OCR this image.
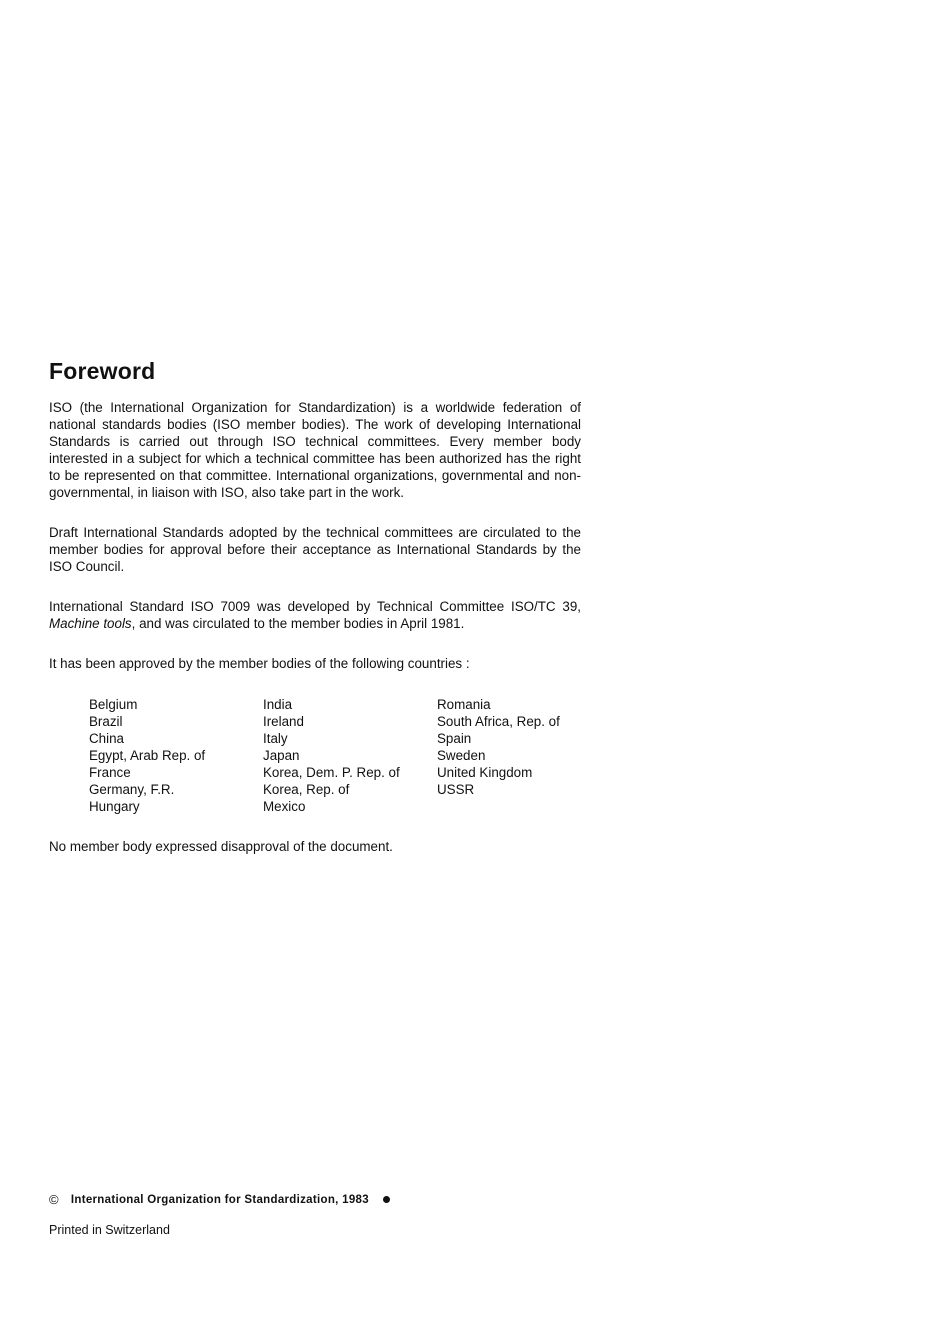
Foreword

ISO (the International Organization for Standardization) is a worldwide federation of national standards bodies (ISO member bodies). The work of developing International Standards is carried out through ISO technical committees. Every member body interested in a subject for which a technical committee has been authorized has the right to be represented on that committee. International organizations, governmental and non-governmental, in liaison with ISO, also take part in the work.

Draft International Standards adopted by the technical committees are circulated to the member bodies for approval before their acceptance as International Standards by the ISO Council.

International Standard ISO 7009 was developed by Technical Committee ISO/TC 39, Machine tools, and was circulated to the member bodies in April 1981.

It has been approved by the member bodies of the following countries :

Belgium
Brazil
China
Egypt, Arab Rep. of
France
Germany, F.R.
Hungary
India
Ireland
Italy
Japan
Korea, Dem. P. Rep. of
Korea, Rep. of
Mexico
Romania
South Africa, Rep. of
Spain
Sweden
United Kingdom
USSR

No member body expressed disapproval of the document.

© International Organization for Standardization, 1983
Printed in Switzerland
